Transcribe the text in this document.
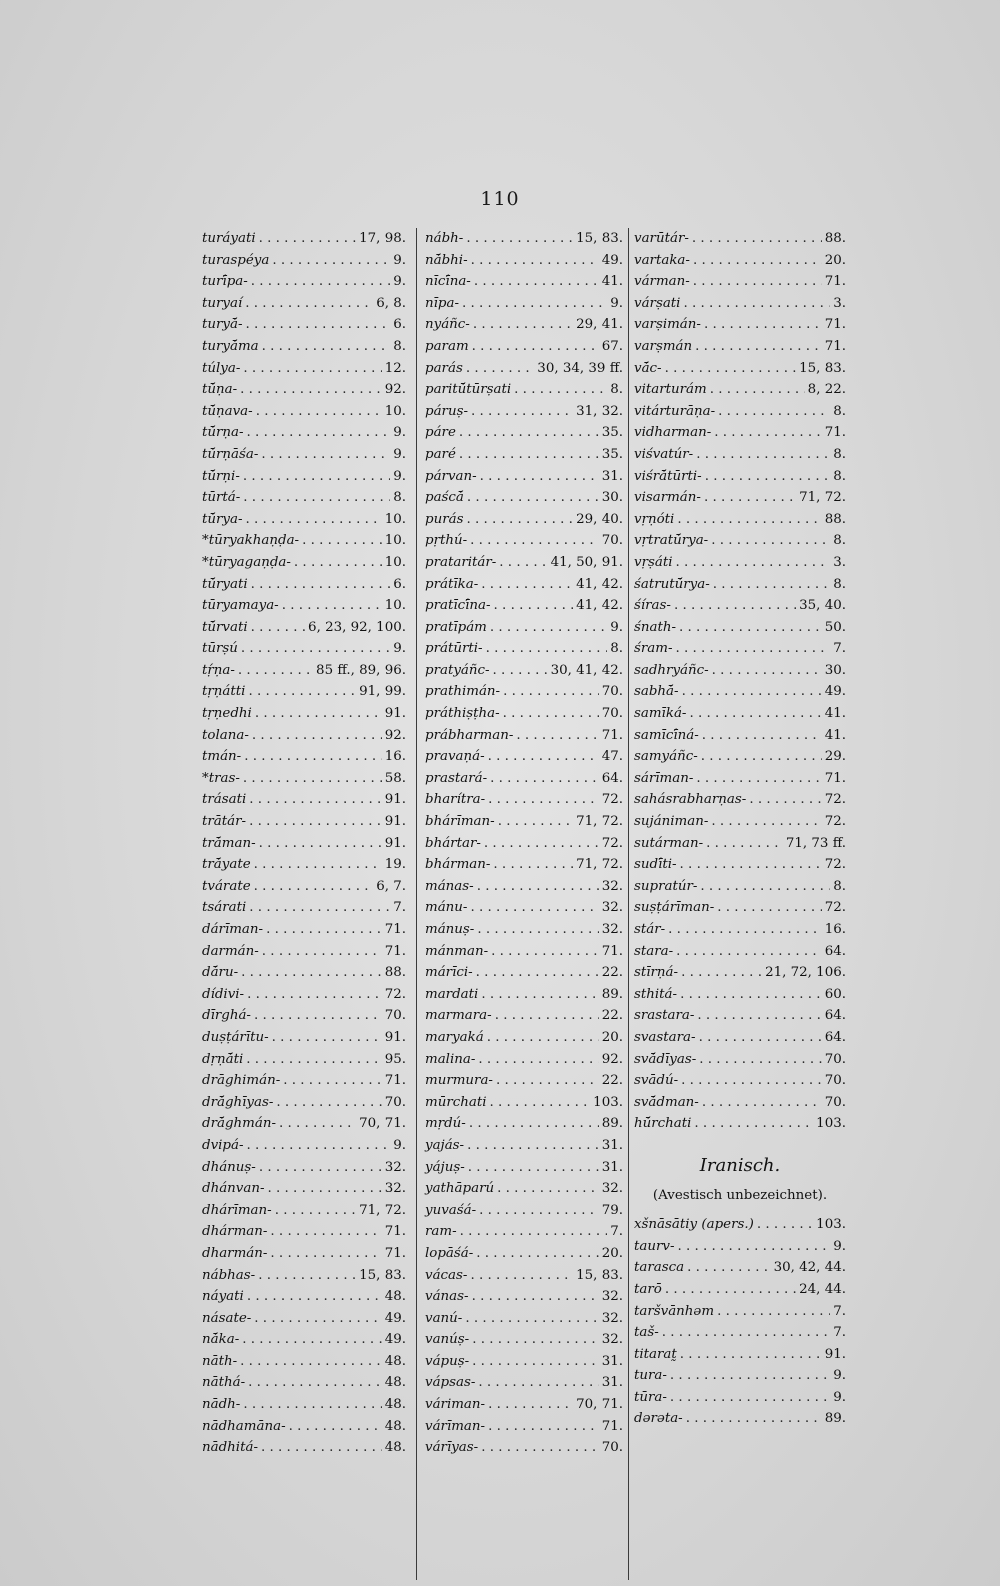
110
turáyati . . .	17, 98.
turaspéya . . .	9.
turī́pa- . . .	9.
turyaí . . .	6, 8.
turyā́- . . .	6.
turyā́ma . . .	8.
túlya- . . .	12.
tū́ṇa- . . .	92.
tū́ṇava- . . .	10.
tū́rṇa- . . .	9.
tū́rṇāśa- . . .	9.
tū́rṇi- . . .	9.
tūrtá- . . .	8.
tū́rya- . . .	10.
*tūryakhaṇḍa- . . .	10.
*tūryagaṇḍa- . . .	10.
tū́ryati . . .	6.
tūryamaya- . . .	10.
tū́rvati . . .	6, 23, 92, 100.
tūrṣú . . .	9.
tṛ́ṇa- . . .	85 ff., 89, 96.
tṛṇátti . . .	91, 99.
tṛṇedhi . . .	91.
tolana- . . .	92.
tmán- . . .	16.
*tras- . . .	58.
trásati . . .	91.
trātár- . . .	91.
trā́man- . . .	91.
trā́yate . . .	19.
tvárate . . .	6, 7.
tsárati . . .	7.
dárīman- . . .	71.
darmán- . . .	71.
dā́ru- . . .	88.
dídivi- . . .	72.
dīrghá- . . .	70.
duṣṭárītu- . . .	91.
dṛṇā́ti . . .	95.
drāghimán- . . .	71.
drā́ghīyas- . . .	70.
drā́ghmán- . . .	70, 71.
dvipá- . . .	9.
dhánuṣ- . . .	32.
dhánvan- . . .	32.
dhárīman- . . .	71, 72.
dhárman- . . .	71.
dharmán- . . .	71.
nábhas- . . .	15, 83.
náyati . . .	48.
násate- . . .	49.
nā́ka- . . .	49.
nāth- . . .	48.
nāthá- . . .	48.
nādh- . . .	48.
nādhamāna- . . .	48.
nādhitá- . . .	48.
nábh- . . .	15, 83.
nā́bhi- . . .	49.
nīcī́na- . . .	41.
nīpa- . . .	9.
nyáñc- . . .	29, 41.
param . . .	67.
parás . . .	30, 34, 39 ff.
paritū́tūrṣati . . .	8.
páruṣ- . . .	31, 32.
páre . . .	35.
paré . . .	35.
párvan- . . .	31.
paścā́ . . .	30.
purás . . .	29, 40.
pṛthú- . . .	70.
prataritár- . . .	41, 50, 91.
prátīka- . . .	41, 42.
pratīcī́na- . . .	41, 42.
pratīpám . . .	9.
prátūrti- . . .	8.
pratyáñc- . . .	30, 41, 42.
prathimán- . . .	70.
práthiṣṭha- . . .	70.
prábharman- . . .	71.
pravaṇá- . . .	47.
prastará- . . .	64.
bharítra- . . .	72.
bhárīman- . . .	71, 72.
bhártar- . . .	72.
bhárman- . . .	71, 72.
mánas- . . .	32.
mánu- . . .	32.
mánuṣ- . . .	32.
mánman- . . .	71.
márīci- . . .	22.
mardati . . .	89.
marmara- . . .	22.
maryaká . . .	20.
malina- . . .	92.
murmura- . . .	22.
mūrchati . . .	103.
mṛdú- . . .	89.
yajás- . . .	31.
yájuṣ- . . .	31.
yathāparú . . .	32.
yuvaśá- . . .	79.
ram- . . .	7.
lopāśá- . . .	20.
vácas- . . .	15, 83.
vánas- . . .	32.
vanú- . . .	32.
vanúṣ- . . .	32.
vápuṣ- . . .	31.
vápsas- . . .	31.
váriman- . . .	70, 71.
várīman- . . .	71.
várīyas- . . .	70.
varūtár- . . .	88.
vartaka- . . .	20.
várman- . . .	71.
várṣati . . .	3.
varṣimán- . . .	71.
varṣmán . . .	71.
vā́c- . . .	15, 83.
vitarturám . . .	8, 22.
vitárturāṇa- . . .	8.
vidharman- . . .	71.
viśvatúr- . . .	8.
viśrā́tūrti- . . .	8.
visarmán- . . .	71, 72.
vṛṇóti . . .	88.
vṛtratū́rya- . . .	8.
vṛṣáti . . .	3.
śatrutū́rya- . . .	8.
śíras- . . .	35, 40.
śnath- . . .	50.
śram- . . .	7.
sadhryáñc- . . .	30.
sabhā́- . . .	49.
samīká- . . .	41.
samīcī́ná- . . .	41.
samyáñc- . . .	29.
sárīman- . . .	71.
sahásrabharṇas- . . .	72.
sujániman- . . .	72.
sutárman- . . .	71, 73 ff.
sudī́ti- . . .	72.
supratúr- . . .	8.
suṣṭárīman- . . .	72.
stár- . . .	16.
stara- . . .	64.
stīrṇá- . . .	21, 72, 106.
sthitá- . . .	60.
srastara- . . .	64.
svastara- . . .	64.
svā́dīyas- . . .	70.
svādú- . . .	70.
svā́dman- . . .	70.
hū́rchati . . .	103.
Iranisch.
(Avestisch unbezeichnet).
xšnāsātiy (apers.) . . .	103.
taurv- . . .	9.
tarasca . . .	30, 42, 44.
tarō . . .	24, 44.
taršvānhəm . . .	7.
taš- . . .	7.
titarat̰ . . .	91.
tura- . . .	9.
tūra- . . .	9.
dərəta- . . .	89.
